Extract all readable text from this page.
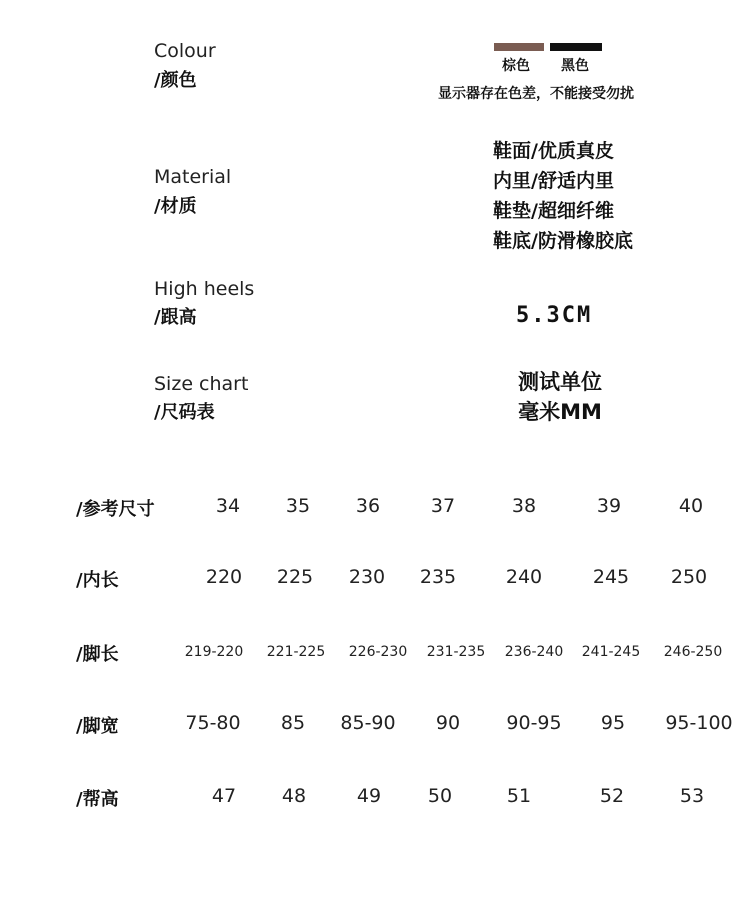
Colour
/颜色
棕色 黑色
显示器存在色差，不能接受勿扰
Material
/材质
鞋面/优质真皮
内里/舒适内里
鞋垫/超细纤维
鞋底/防滑橡胶底
High heels
/跟高	5.3CM
Size chart
/尺码表
测试单位
毫米MM
/参考尺寸	34 35 36	37	38	39	40
/内长	220 225 230 235	240	245 250
/脚长	219-220 221-225 226-230 231-235 236-240 241-245 246-250
/脚宽	75-80 85 85-90 90 90-95 95 95-100
/帮高	47 48	49 50	51	52	53
